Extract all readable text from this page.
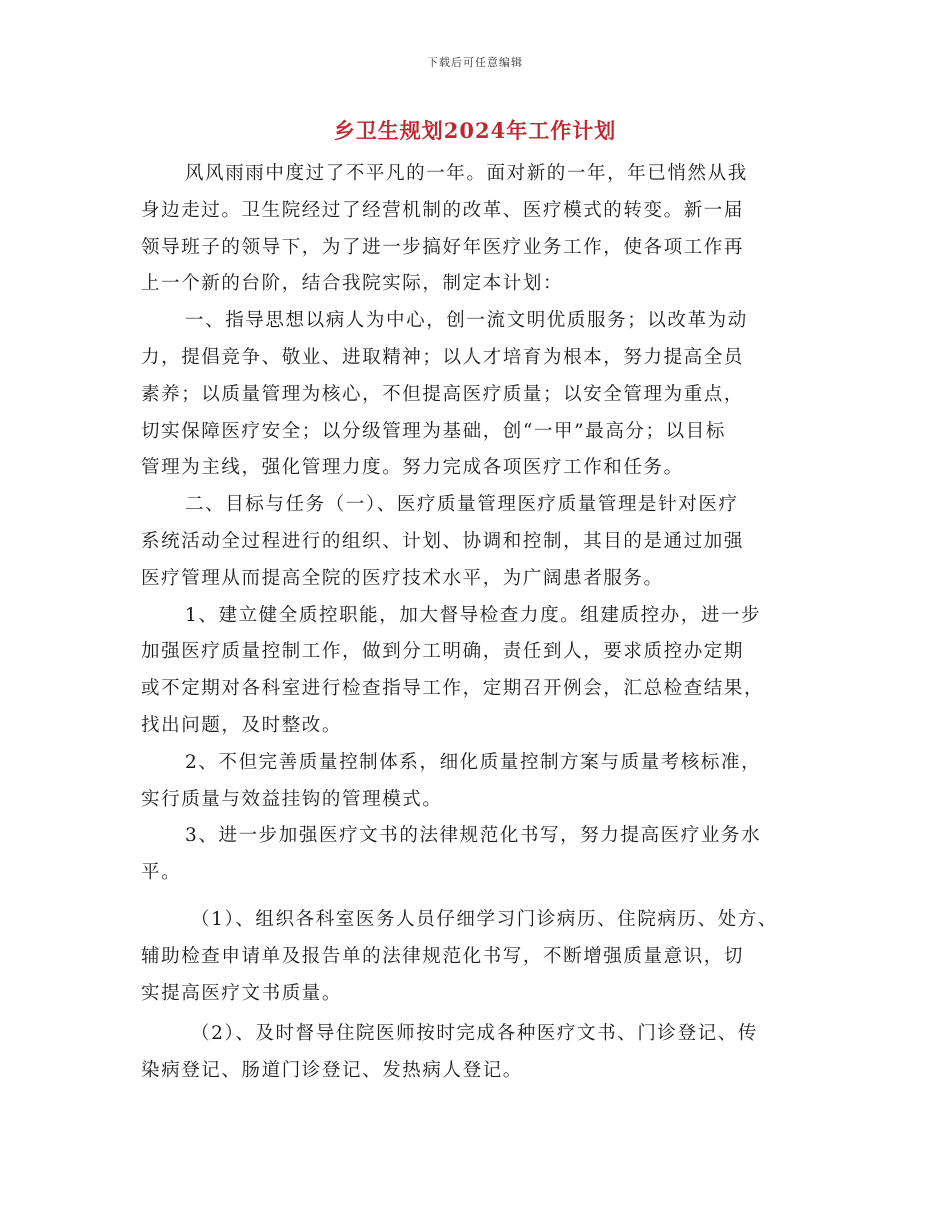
下载后可任意编辑
乡卫生规划2024年工作计划
风风雨雨中度过了不平凡的一年。面对新的一年，年已悄然从我
身边走过。卫生院经过了经营机制的改革、医疗模式的转变。新一届
领导班子的领导下，为了进一步搞好年医疗业务工作，使各项工作再
上一个新的台阶，结合我院实际，制定本计划：
一、指导思想以病人为中心，创一流文明优质服务；以改革为动
力，提倡竞争、敬业、进取精神；以人才培育为根本，努力提高全员
素养；以质量管理为核心，不但提高医疗质量；以安全管理为重点，
切实保障医疗安全；以分级管理为基础，创“一甲”最高分；以目标
管理为主线，强化管理力度。努力完成各项医疗工作和任务。
二、目标与任务（一）、医疗质量管理医疗质量管理是针对医疗
系统活动全过程进行的组织、计划、协调和控制，其目的是通过加强
医疗管理从而提高全院的医疗技术水平，为广阔患者服务。
1、建立健全质控职能，加大督导检查力度。组建质控办，进一步
加强医疗质量控制工作，做到分工明确，责任到人，要求质控办定期
或不定期对各科室进行检查指导工作，定期召开例会，汇总检查结果，
找出问题，及时整改。
2、不但完善质量控制体系，细化质量控制方案与质量考核标准，
实行质量与效益挂钩的管理模式。
3、进一步加强医疗文书的法律规范化书写，努力提高医疗业务水
平。
（1）、组织各科室医务人员仔细学习门诊病历、住院病历、处方、
辅助检查申请单及报告单的法律规范化书写，不断增强质量意识，切
实提高医疗文书质量。
（2）、及时督导住院医师按时完成各种医疗文书、门诊登记、传
染病登记、肠道门诊登记、发热病人登记。
